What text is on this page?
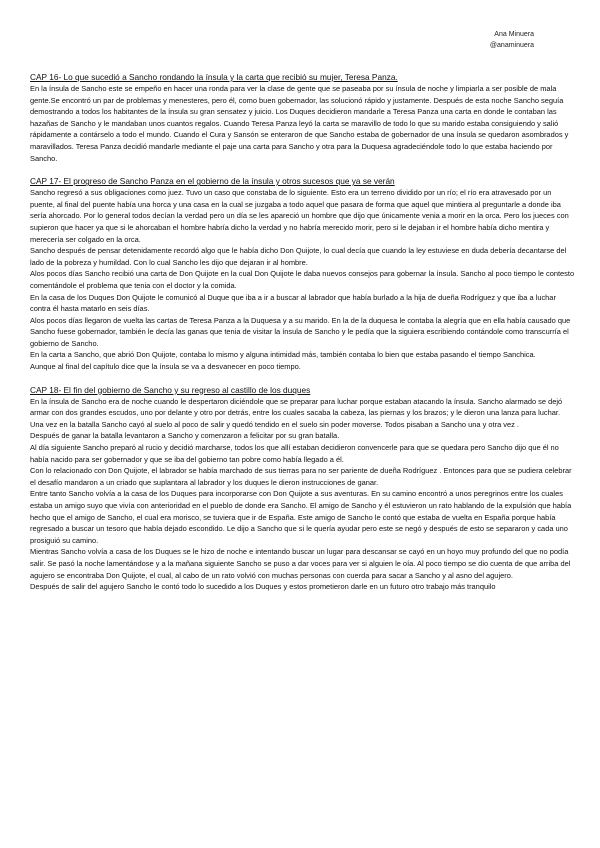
Ana Minuera
@anaminuera
CAP 16- Lo que sucedió a Sancho rondando la ínsula y la carta que recibió su mujer, Teresa Panza.

En la ínsula de Sancho este se empeño en hacer una ronda para ver la clase de gente que se paseaba por su ínsula de noche y limpiarla a ser posible de mala gente.Se encontró un par de problemas y menesteres, pero él, como buen gobernador, las solucionó rápido y justamente. Después de esta noche Sancho seguía demostrando a todos los habitantes de la ínsula su gran sensatez y juicio. Los Duques decidieron mandarle a Teresa Panza una carta en donde le contaban las hazañas de Sancho y le mandaban unos cuantos regalos. Cuando Teresa Panza leyó la carta se maravillo de todo lo que su marido estaba consiguiendo y salió rápidamente a contárselo a todo el mundo. Cuando el Cura y Sansón se enteraron de que Sancho estaba de gobernador de una ínsula se quedaron asombrados y maravillados. Teresa Panza decidió mandarle mediante el paje una carta para Sancho y otra para la Duquesa agradeciéndole todo lo que estaba haciendo por Sancho.

CAP 17- El progreso de Sancho Panza en el gobierno de la ínsula y otros sucesos que ya se verán

Sancho regresó a sus obligaciones como juez. Tuvo un caso que constaba de lo siguiente. Esto era un terreno dividido por un río; el río era atravesado por un puente, al final del puente había una horca y una casa en la cual se juzgaba a todo aquel que pasara de forma que aquel que mintiera al preguntarle a donde iba sería ahorcado. Por lo general todos decían la verdad pero un día se les apareció un hombre que dijo que únicamente venia a morir en la orca. Pero los jueces con supieron que hacer ya que si le ahorcaban el hombre habría dicho la verdad y no habría merecido morir, pero si le dejaban ir el hombre había dicho mentira y merecería ser colgado en la orca.

Sancho después de pensar detenidamente recordó algo que le había dicho Don Quijote, lo cual decía que cuando la ley estuviese en duda debería decantarse del lado de la pobreza y humildad. Con lo cual Sancho les dijo que dejaran ir al hombre.

Alos pocos días Sancho recibió una carta de Don Quijote en la cual Don Quijote le daba nuevos consejos para gobernar la ínsula. Sancho al poco tiempo le contesto comentándole el problema que tenia con el doctor y la comida.

En la casa de los Duques Don Quijote le comunicó al Duque que iba a ir a buscar al labrador que había burlado a la hija de dueña Rodríguez y que iba a luchar contra él hasta matarlo en seis días.

Alos pocos días llegaron de vuelta las cartas de Teresa Panza a la Duquesa y a su marido. En la de la duquesa le contaba la alegría que en ella había causado que Sancho fuese gobernador, también le decía las ganas que tenia de visitar la ínsula de Sancho y le pedía que la siguiera escribiendo contándole como transcurría el gobierno de Sancho.

En la carta a Sancho, que abrió Don Quijote, contaba lo mismo y alguna intimidad más, también contaba lo bien que estaba pasando el tiempo Sanchica.

Aunque al final del capítulo dice que la ínsula se va a desvanecer en poco tiempo.

CAP 18- El fin del gobierno de Sancho y su regreso al castillo de los duques

En la ínsula de Sancho era de noche cuando le despertaron diciéndole que se preparar para luchar porque estaban atacando la ínsula. Sancho alarmado se dejó armar con dos grandes escudos, uno por delante y otro por detrás, entre los cuales sacaba la cabeza, las piernas y los brazos; y le dieron una lanza para luchar.

Una vez en la batalla Sancho cayó al suelo al poco de salir y quedó tendido en el suelo sin poder moverse. Todos pisaban a Sancho una y otra vez .

Después de ganar la batalla levantaron a Sancho y comenzaron a felicitar por su gran batalla.

Al día siguiente Sancho preparó al rucio y decidió marcharse, todos los que allí estaban decidieron convencerle para que se quedara pero Sancho dijo que él no había nacido para ser gobernador y que se iba del gobierno tan pobre como había llegado a él.

Con lo relacionado con Don Quijote, el labrador se había marchado de sus tierras para no ser pariente de dueña Rodríguez . Entonces para que se pudiera celebrar el desafío mandaron a un criado que suplantara al labrador y los duques le dieron instrucciones de ganar.

Entre tanto Sancho volvía a la casa de los Duques para incorporarse con Don Quijote a sus aventuras. En su camino encontró a unos peregrinos entre los cuales estaba un amigo suyo que vivía con anterioridad en el pueblo de donde era Sancho. El amigo de Sancho y él estuvieron un rato hablando de la expulsión que había hecho que el amigo de Sancho, el cual era morisco, se tuviera que ir de España. Este amigo de Sancho le contó que estaba de vuelta en España porque había regresado a buscar un tesoro que había dejado escondido. Le dijo a Sancho que si le quería ayudar pero este se negó y después de esto se separaron y cada uno prosiguió su camino.

Mientras Sancho volvía a casa de los Duques se le hizo de noche e intentando buscar un lugar para descansar se cayó en un hoyo muy profundo del que no podía salir. Se pasó la noche lamentándose y a la mañana siguiente Sancho se puso a dar voces para ver si alguien le oía. Al poco tiempo se dio cuenta de que arriba del agujero se encontraba Don Quijote, el cual, al cabo de un rato volvió con muchas personas con cuerda para sacar a Sancho y al asno del agujero.

Después de salir del agujero Sancho le contó todo lo sucedido a los Duques y estos prometieron darle en un futuro otro trabajo más tranquilo
